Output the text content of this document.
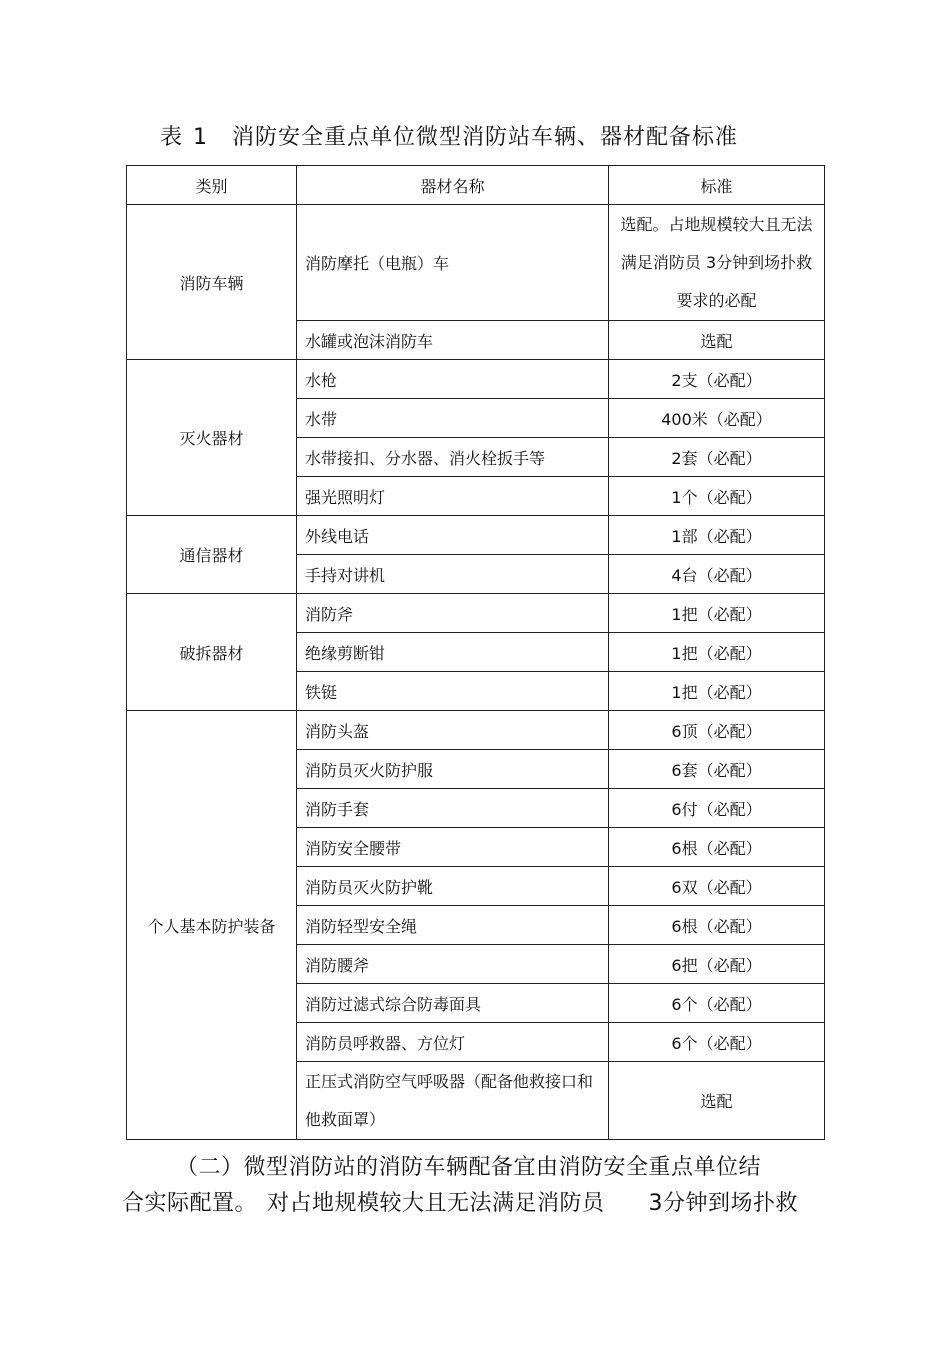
表 1 消防安全重点单位微型消防站车辆、器材配备标准
类别	器材名称	标准
消防车辆	消防摩托（电瓶）车	选配。占地规模较大且无法满足消防员 3分钟到场扑救要求的必配
	水罐或泡沫消防车	选配
灭火器材	水枪	2支（必配）
	水带	400米（必配）
	水带接扣、分水器、消火栓扳手等	2套（必配）
	强光照明灯	1个（必配）
通信器材	外线电话	1部（必配）
	手持对讲机	4台（必配）
破拆器材	消防斧	1把（必配）
	绝缘剪断钳	1把（必配）
	铁铤	1把（必配）
个人基本防护装备	消防头盔	6顶（必配）
	消防员灭火防护服	6套（必配）
	消防手套	6付（必配）
	消防安全腰带	6根（必配）
	消防员灭火防护靴	6双（必配）
	消防轻型安全绳	6根（必配）
	消防腰斧	6把（必配）
	消防过滤式综合防毒面具	6个（必配）
	消防员呼救器、方位灯	6个（必配）
	正压式消防空气呼吸器（配备他救接口和他救面罩）	选配
（二）微型消防站的消防车辆配备宜由消防安全重点单位结
合实际配置。 对占地规模较大且无法满足消防员 3分钟到场扑救
